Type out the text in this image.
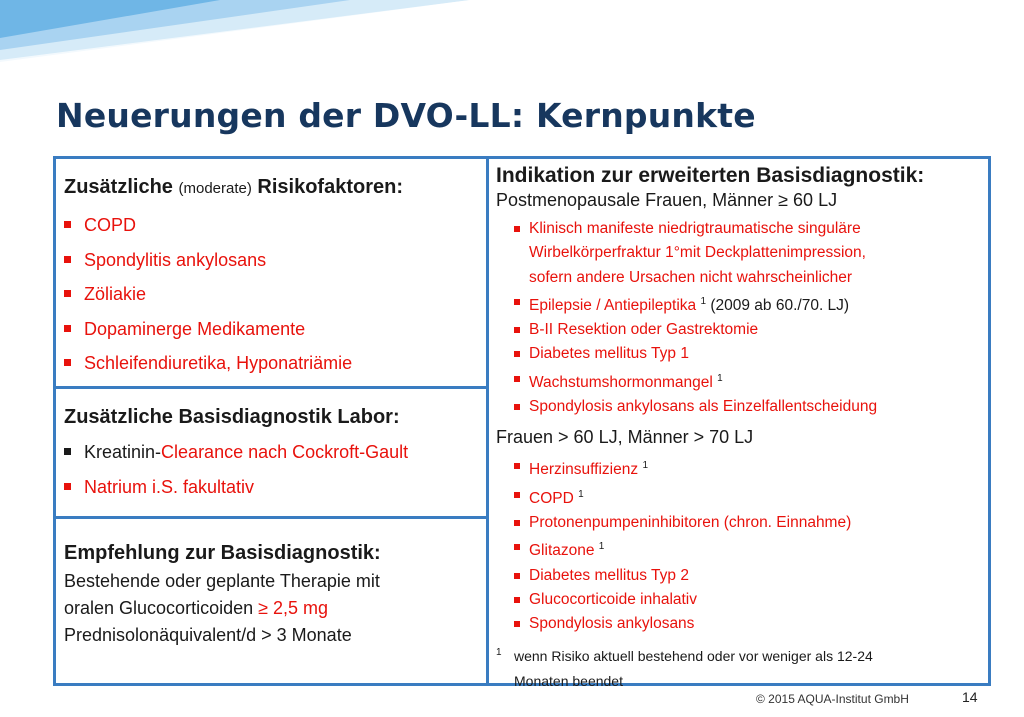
Neuerungen der DVO-LL: Kernpunkte
Zusätzliche (moderate) Risikofaktoren:
COPD
Spondylitis ankylosans
Zöliakie
Dopaminerge Medikamente
Schleifendiuretika, Hyponatriämie
Zusätzliche Basisdiagnostik Labor:
Kreatinin-Clearance nach Cockroft-Gault
Natrium i.S. fakultativ
Empfehlung zur Basisdiagnostik:
Bestehende oder geplante Therapie mit
oralen Glucocorticoiden ≥ 2,5 mg
Prednisolonäquivalent/d > 3 Monate
Indikation zur erweiterten Basisdiagnostik:
Postmenopausale Frauen, Männer ≥ 60 LJ
Klinisch manifeste niedrigtraumatische singuläre
Wirbelkörperfraktur 1°mit Deckplattenimpression,
sofern andere Ursachen nicht wahrscheinlicher
Epilepsie / Antiepileptika $^1$ (2009 ab 60./70. LJ)
B-II Resektion oder Gastrektomie
Diabetes mellitus Typ 1
Wachstumshormonmangel $^1$
Spondylosis ankylosans als Einzelfallentscheidung
Frauen > 60 LJ, Männer > 70 LJ
Herzinsuffizienz $^1$
COPD $^1$
Protonenpumpeninhibitoren (chron. Einnahme)
Glitazone $^1$
Diabetes mellitus Typ 2
Glucocorticoide inhalativ
Spondylosis ankylosans
1 wenn Risiko aktuell bestehend oder vor weniger als 12-24
Monaten beendet
© 2015 AQUA-Institut GmbH	14
